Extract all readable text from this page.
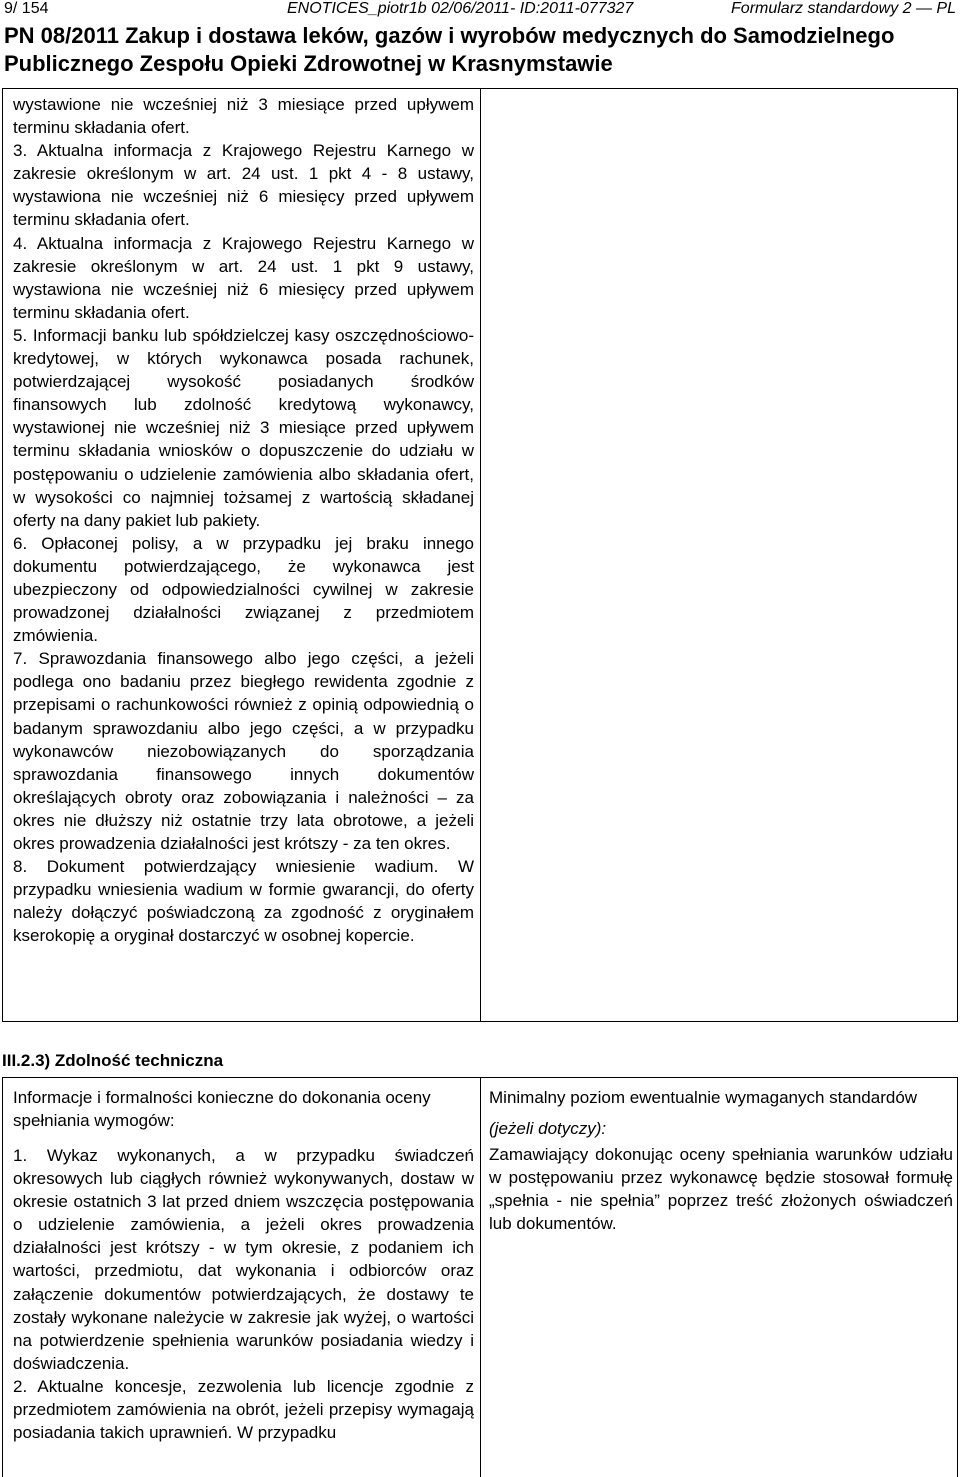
9/ 154	ENOTICES_piotr1b 02/06/2011- ID:2011-077327	Formularz standardowy 2 — PL
PN 08/2011 Zakup i dostawa leków, gazów i wyrobów medycznych do Samodzielnego Publicznego Zespołu Opieki Zdrowotnej w Krasnymstawie

wystawione nie wcześniej niż 3 miesiące przed upływem terminu składania ofert.

3. Aktualna informacja z Krajowego Rejestru Karnego w zakresie określonym w art. 24 ust. 1 pkt 4 - 8 ustawy, wystawiona nie wcześniej niż 6 miesięcy przed upływem terminu składania ofert.

4. Aktualna informacja z Krajowego Rejestru Karnego w zakresie określonym w art. 24 ust. 1 pkt 9 ustawy, wystawiona nie wcześniej niż 6 miesięcy przed upływem terminu składania ofert.

5. Informacji banku lub spółdzielczej kasy oszczędnościowo-kredytowej, w których wykonawca posada rachunek, potwierdzającej wysokość posiadanych środków finansowych lub zdolność kredytową wykonawcy, wystawionej nie wcześniej niż 3 miesiące przed upływem terminu składania wniosków o dopuszczenie do udziału w postępowaniu o udzielenie zamówienia albo składania ofert, w wysokości co najmniej tożsamej z wartością składanej oferty na dany pakiet lub pakiety.

6. Opłaconej polisy, a w przypadku jej braku innego dokumentu potwierdzającego, że wykonawca jest ubezpieczony od odpowiedzialności cywilnej w zakresie prowadzonej działalności związanej z przedmiotem zmówienia.

7. Sprawozdania finansowego albo jego części, a jeżeli podlega ono badaniu przez biegłego rewidenta zgodnie z przepisami o rachunkowości również z opinią odpowiednią o badanym sprawozdaniu albo jego części, a w przypadku wykonawców niezobowiązanych do sporządzania sprawozdania finansowego innych dokumentów określających obroty oraz zobowiązania i należności – za okres nie dłuższy niż ostatnie trzy lata obrotowe, a jeżeli okres prowadzenia działalności jest krótszy - za ten okres.

8. Dokument potwierdzający wniesienie wadium. W przypadku wniesienia wadium w formie gwarancji, do oferty należy dołączyć poświadczoną za zgodność z oryginałem kserokopię a oryginał dostarczyć w osobnej kopercie.

III.2.3) Zdolność techniczna

Informacje i formalności konieczne do dokonania oceny spełniania wymogów:

1. Wykaz wykonanych, a w przypadku świadczeń okresowych lub ciągłych również wykonywanych, dostaw w okresie ostatnich 3 lat przed dniem wszczęcia postępowania o udzielenie zamówienia, a jeżeli okres prowadzenia działalności jest krótszy - w tym okresie, z podaniem ich wartości, przedmiotu, dat wykonania i odbiorców oraz załączenie dokumentów potwierdzających, że dostawy te zostały wykonane należycie w zakresie jak wyżej, o wartości na potwierdzenie spełnienia warunków posiadania wiedzy i doświadczenia.

2. Aktualne koncesje, zezwolenia lub licencje zgodnie z przedmiotem zamówienia na obrót, jeżeli przepisy wymagają posiadania takich uprawnień. W przypadku

Minimalny poziom ewentualnie wymaganych standardów

(jeżeli dotyczy):

Zamawiający dokonując oceny spełniania warunków udziału w postępowaniu przez wykonawcę będzie stosował formułę „spełnia - nie spełnia” poprzez treść złożonych oświadczeń lub dokumentów.
